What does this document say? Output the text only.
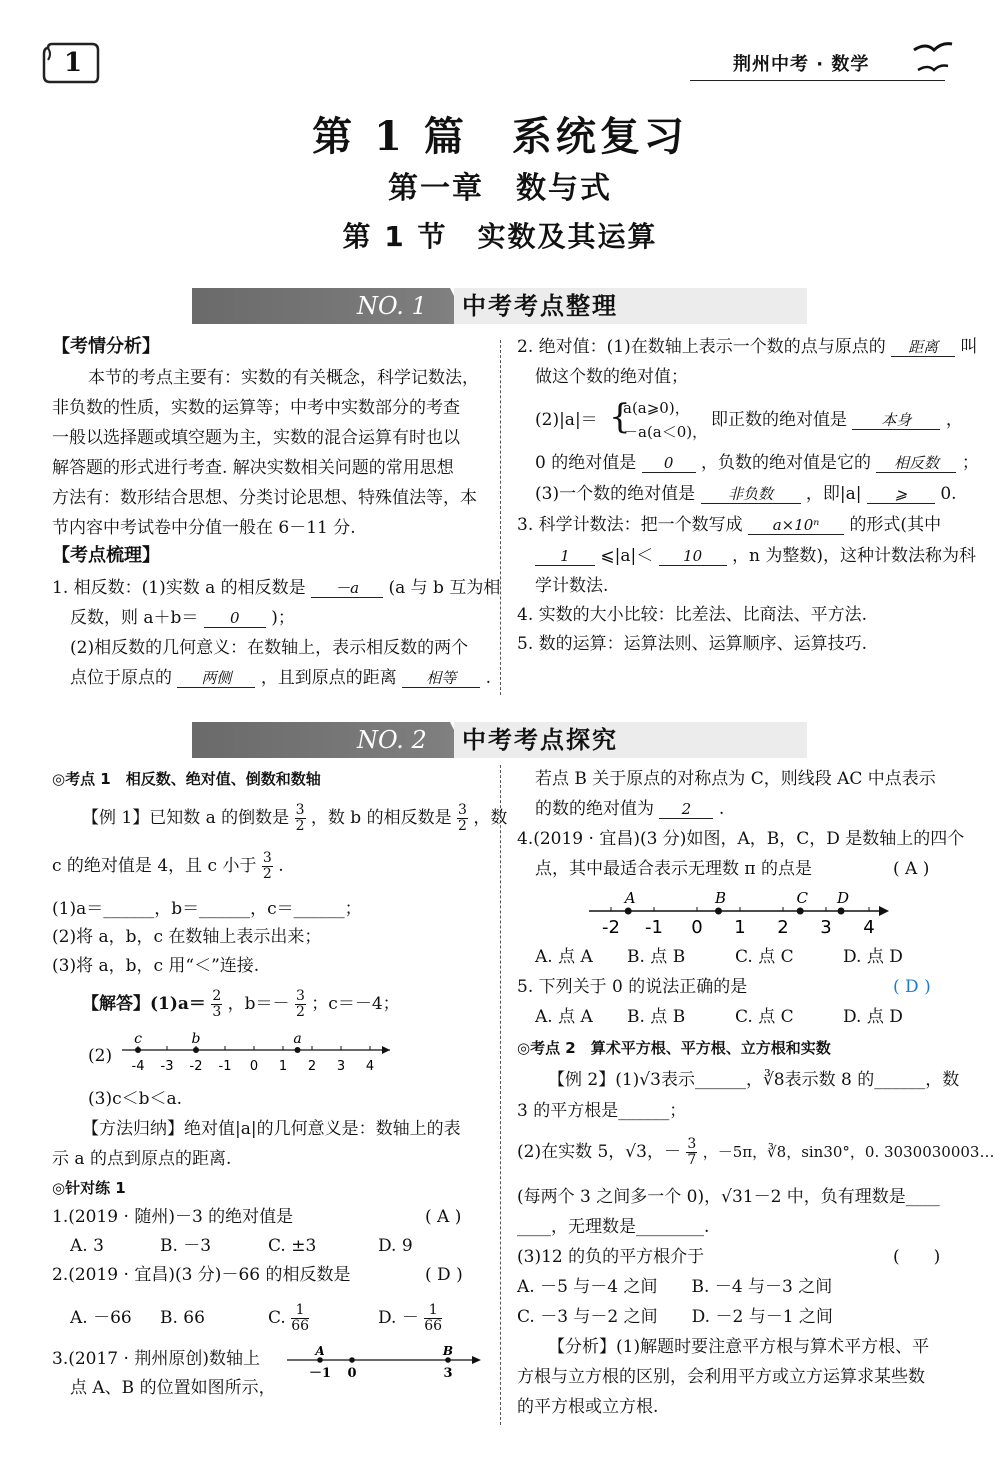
1	荆州中考 · 数学
第 1 篇　系统复习
第一章　数与式
第 1 节　实数及其运算
NO. 1	中考考点整理
【考情分析】
本节的考点主要有：实数的有关概念，科学记数法，
非负数的性质，实数的运算等；中考中实数部分的考查
一般以选择题或填空题为主，实数的混合运算有时也以
解答题的形式进行考查. 解决实数相关问题的常用思想
方法有：数形结合思想、分类讨论思想、特殊值法等，本
节内容中考试卷中分值一般在 6－11 分.
【考点梳理】
1. 相反数：(1)实数 a 的相反数是 －a (a 与 b 互为相
反数，则 a＋b＝ 0 )；
(2)相反数的几何意义：在数轴上，表示相反数的两个
点位于原点的 两侧 ，且到原点的距离 相等 .
2. 绝对值：(1)在数轴上表示一个数的点与原点的 距离 叫
做这个数的绝对值；
(2)|a|＝ {
a(a⩾0)，
－a(a＜0)，
即正数的绝对值是 本身 ，
0 的绝对值是 0 ，负数的绝对值是它的 相反数 ；
(3)一个数的绝对值是 非负数 ，即|a| ⩾ 0.
3. 科学计数法：把一个数写成 a×10ⁿ 的形式(其中
1 ⩽|a|＜ 10 ，n 为整数)，这种计数法称为科
学计数法.
4. 实数的大小比较：比差法、比商法、平方法.
5. 数的运算：运算法则、运算顺序、运算技巧.
NO. 2	中考考点探究
◎考点 1　相反数、绝对值、倒数和数轴
【例 1】已知数 a 的倒数是 $\frac{3}{2}$ ，数 b 的相反数是 $\frac{3}{2}$ ，数
c 的绝对值是 4，且 c 小于 $\frac{3}{2}$ .
(1)a＝______，b＝______，c＝______；
(2)将 a，b，c 在数轴上表示出来；
(3)将 a，b，c 用“＜”连接.
【解答】$(1)a= \frac{2}{3}$ ，$b=- \frac{3}{2}$ ；c＝－4；
(2)
-4 -3 -2 -1 0 1 2 3 4
c	b	a
(3)c＜b＜a.
【方法归纳】绝对值|a|的几何意义是：数轴上的表
示 a 的点到原点的距离.
◎针对练 1
1.(2019 · 随州)－3 的绝对值是	( A )
A. 3	B. －3	C. ±3	D. 9
2.(2019 · 宜昌)(3 分)－66 的相反数是	( D )
A. －66 B. 66	C. $\frac{1}{66}$	D. － $\frac{1}{66}$
3.(2017 · 荆州原创)数轴上
点 A、B 的位置如图所示，
－1 0	3
A	B
若点 B 关于原点的对称点为 C，则线段 AC 中点表示
的数的绝对值为 2 .
4.(2019 · 宜昌)(3 分)如图，A，B，C，D 是数轴上的四个
点，其中最适合表示无理数 π 的点是	( A )
-2 -1 0 1 2 3 4
A	B	C D
A. 点 A B. 点 B	C. 点 C	D. 点 D
5. 下列关于 0 的说法正确的是	( D )
A. 点 A B. 点 B	C. 点 C	D. 点 D
◎考点 2　算术平方根、平方根、立方根和实数
【例 2】(1)√3表示______，∛8表示数 8 的______，数
3 的平方根是______；
(2)在实数 5，√3，－ $\frac{3}{7}$ ，－5π，∛8，sin30°，0. 3030030003…
(每两个 3 之间多一个 0)，√31－2 中，负有理数是____
____，无理数是________.
(3)12 的负的平方根介于	(　　)
A. －5 与－4 之间　　B. －4 与－3 之间
C. －3 与－2 之间　　D. －2 与－1 之间
【分析】(1)解题时要注意平方根与算术平方根、平
方根与立方根的区别，会利用平方或立方运算求某些数
的平方根或立方根.
